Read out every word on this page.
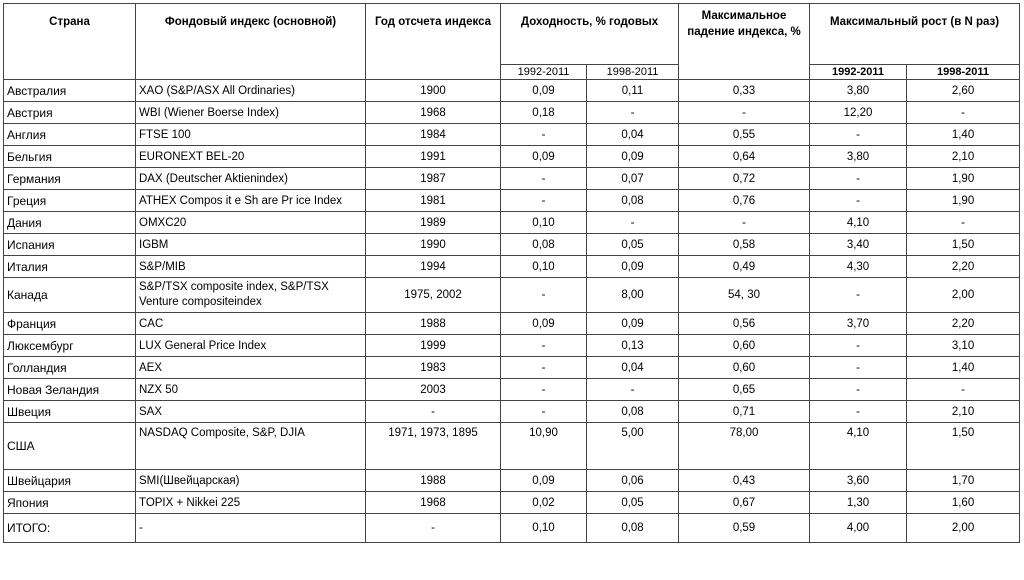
Страна	Фондовый индекс (основной)	Год отсчета индекса	Доходность, % годовых		Максимальное падение индекса, %	Максимальный рост (в N раз)	
			1992-2011	1998-2011		1992-2011	1998-2011
Австралия	XAO (S&P/ASX All Ordinaries)	1900	0,09	0,11	0,33	3,80	2,60
Австрия	WBI (Wiener Boerse Index)	1968	0,18	-	-	12,20	-
Англия	FTSE 100	1984	-	0,04	0,55	-	1,40
Бельгия	EURONEXT BEL-20	1991	0,09	0,09	0,64	3,80	2,10
Германия	DAX (Deutscher Aktienindex)	1987	-	0,07	0,72	-	1,90
Греция	ATHEX Compos it e Sh are Pr ice Index	1981	-	0,08	0,76	-	1,90
Дания	OMXC20	1989	0,10	-	-	4,10	-
Испания	IGBM	1990	0,08	0,05	0,58	3,40	1,50
Италия	S&P/MIB	1994	0,10	0,09	0,49	4,30	2,20
Канада	S&P/TSX composite index, S&P/TSX Venture compositeindex	1975, 2002	-	8,00	54, 30	-	2,00
Франция	CAC	1988	0,09	0,09	0,56	3,70	2,20
Люксембург	LUX General Price Index	1999	-	0,13	0,60	-	3,10
Голландия	AEX	1983	-	0,04	0,60	-	1,40
Новая Зеландия	NZX 50	2003	-	-	0,65	-	-
Швеция	SAX	-	-	0,08	0,71	-	2,10
США	NASDAQ Composite, S&P, DJIA	1971, 1973, 1895	10,90	5,00	78,00	4,10	1,50
Швейцария	SMI(Швейцарская)	1988	0,09	0,06	0,43	3,60	1,70
Япония	TOPIX + Nikkei 225	1968	0,02	0,05	0,67	1,30	1,60
ИТОГО:	-	-	0,10	0,08	0,59	4,00	2,00
